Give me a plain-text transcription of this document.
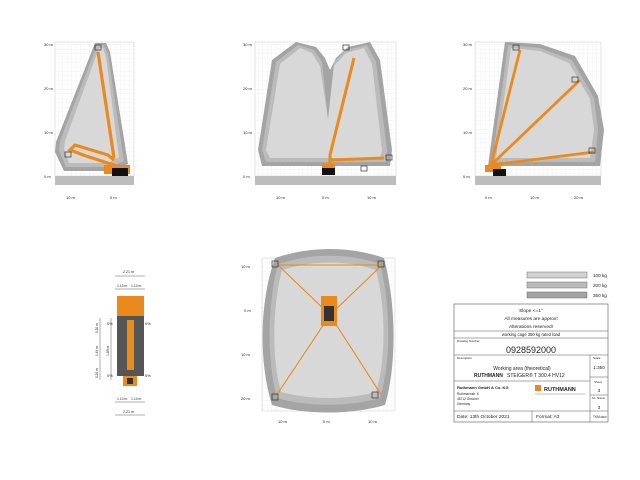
30 m
20 m
10 m
0 m
10 m	0 m
30 m
20 m
10 m
0 m
10 m	0 m	10 m
30 m
20 m
10 m
0 m
0 m	10 m	20 m
10 m
0 m
10 m
20 m
10 m	0 m	10 m
2.21 m
1.10 m 1.10 m
0%	0%
0%	0%
1.89 m
0.20 m
1.49 m
0.20 m
1.10 m 1.10 m
2.21 m
100 kg
200 kg
350 kg
Slope <=1°
All measures are approx!
Alterations reserved!
working cage 350 kg rated load
Drawing Number
0928592000
Description
Working area (theoretical)
RUTHMANN STEIGER® T 300.4 HV12
Scale
1:350
Ruthmann GmbH & Co. KG
Ruthmannstr. 6
48712 Gescher
Germany
RUTHMANN
Sheet
3
No. Sheets
3
Date: 13th October 2021	Format: A3	TKM.dwu
